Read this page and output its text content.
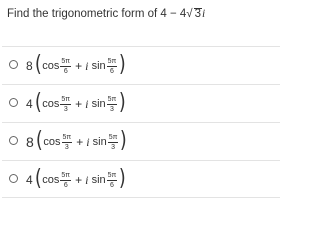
Find the trigonometric form of 4 − 4√ 3i
8 ( $\cos \frac{5\pi}{6} + i$
$\sin \frac{5\pi}{6}$ )
4 ( $\cos \frac{5\pi}{3} + i$
$\sin \frac{5\pi}{3}$ )
8 ( $\cos \frac{5\pi}{3} + i$
$\sin \frac{5\pi}{3}$ )
4 ( $\cos \frac{5\pi}{6} + i$
$\sin \frac{5\pi}{6}$ )
